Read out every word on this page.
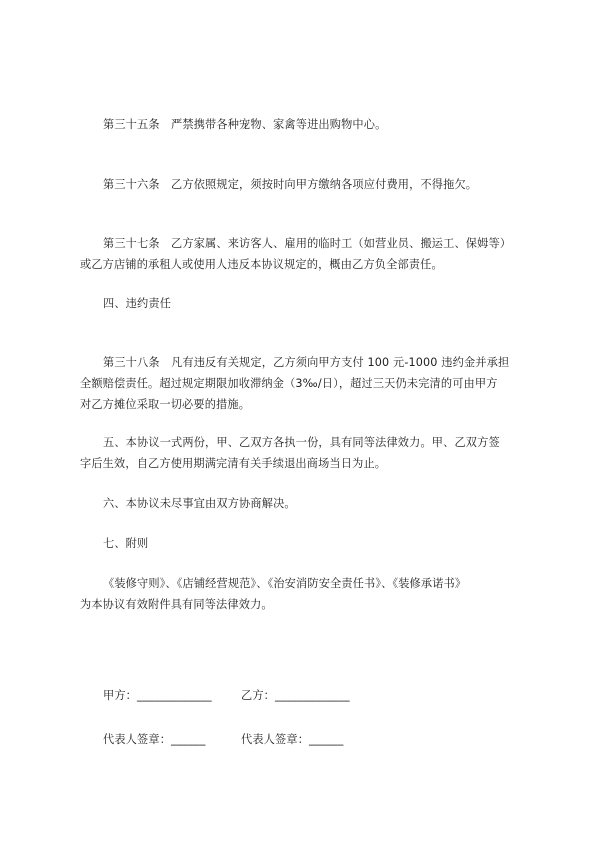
第三十五条　严禁携带各种宠物、家禽等进出购物中心。
第三十六条　乙方依照规定，须按时向甲方缴纳各项应付费用，不得拖欠。
第三十七条　乙方家属、来访客人、雇用的临时工（如营业员、搬运工、保姆等）
或乙方店铺的承租人或使用人违反本协议规定的，概由乙方负全部责任。
四、违约责任
第三十八条　凡有违反有关规定，乙方须向甲方支付 100 元-1000 违约金并承担
全额赔偿责任。超过规定期限加收滞纳金（3‰/日），超过三天仍未完清的可由甲方
对乙方摊位采取一切必要的措施。
五、本协议一式两份，甲、乙双方各执一份，具有同等法律效力。甲、乙双方签
字后生效，自乙方使用期满完清有关手续退出商场当日为止。
六、本协议未尽事宜由双方协商解决。
七、附则
《装修守则》、《店铺经营规范》、《治安消防安全责任书》、《装修承诺书》
为本协议有效附件具有同等法律效力。
甲方：_____________	乙方：_____________
代表人签章：______	代表人签章：______
